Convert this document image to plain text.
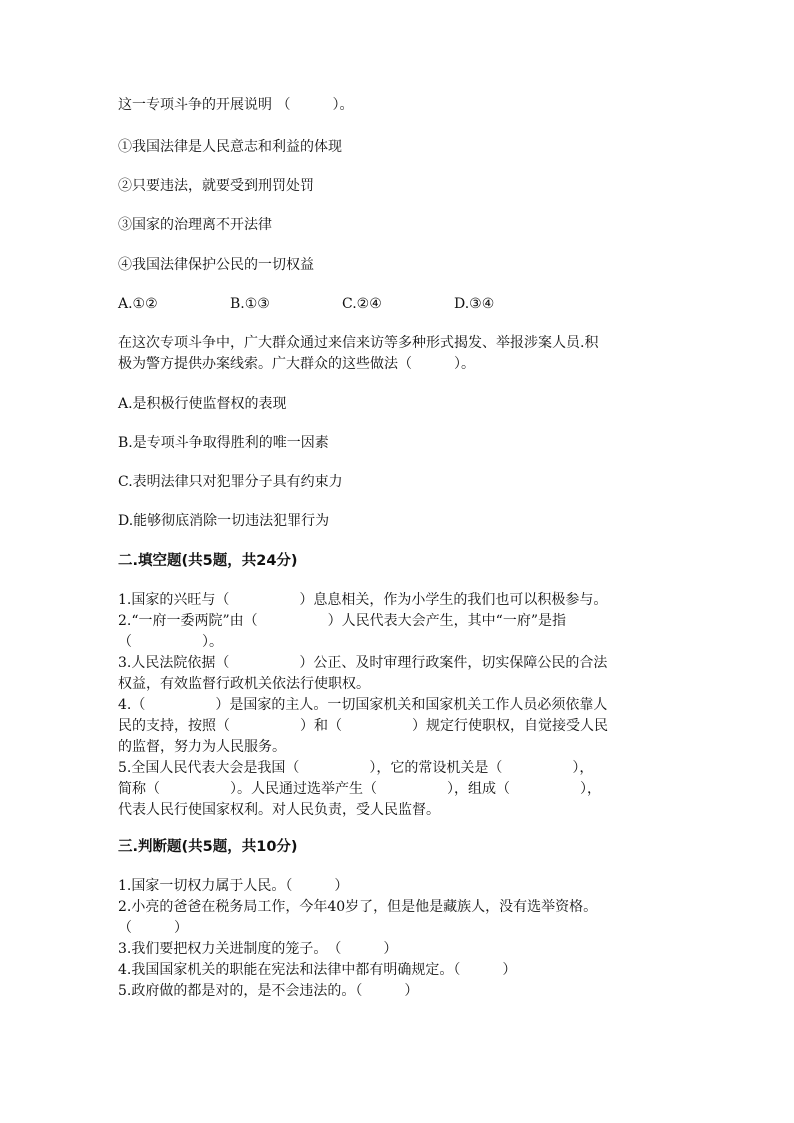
这一专项斗争的开展说明 （　　　）。
①我国法律是人民意志和利益的体现
②只要违法，就要受到刑罚处罚
③国家的治理离不开法律
④我国法律保护公民的一切权益
A.①②	B.①③	C.②④	D.③④
在这次专项斗争中，广大群众通过来信来访等多种形式揭发、举报涉案人员.积
极为警方提供办案线索。广大群众的这些做法（　　　）。
A.是积极行使监督权的表现
B.是专项斗争取得胜利的唯一因素
C.表明法律只对犯罪分子具有约束力
D.能够彻底消除一切违法犯罪行为
二.填空题(共5题，共24分)
1.国家的兴旺与（　　　　　）息息相关，作为小学生的我们也可以积极参与。
2.“一府一委两院”由（　　　　　）人民代表大会产生，其中“一府”是指
（　　　　　）。
3.人民法院依据（　　　　　）公正、及时审理行政案件，切实保障公民的合法
权益，有效监督行政机关依法行使职权。
4.（　　　　　）是国家的主人。一切国家机关和国家机关工作人员必须依靠人
民的支持，按照（　　　　　）和（　　　　　）规定行使职权，自觉接受人民
的监督，努力为人民服务。
5.全国人民代表大会是我国（　　　　　），它的常设机关是（　　　　　），
简称（　　　　　）。人民通过选举产生（　　　　　），组成（　　　　　），
代表人民行使国家权利。对人民负责，受人民监督。
三.判断题(共5题，共10分)
1.国家一切权力属于人民。（　　　）
2.小亮的爸爸在税务局工作，今年40岁了，但是他是藏族人，没有选举资格。
（　　　）
3.我们要把权力关进制度的笼子。　（　　　）
4.我国国家机关的职能在宪法和法律中都有明确规定。（　　　）
5.政府做的都是对的，是不会违法的。（　　　）
